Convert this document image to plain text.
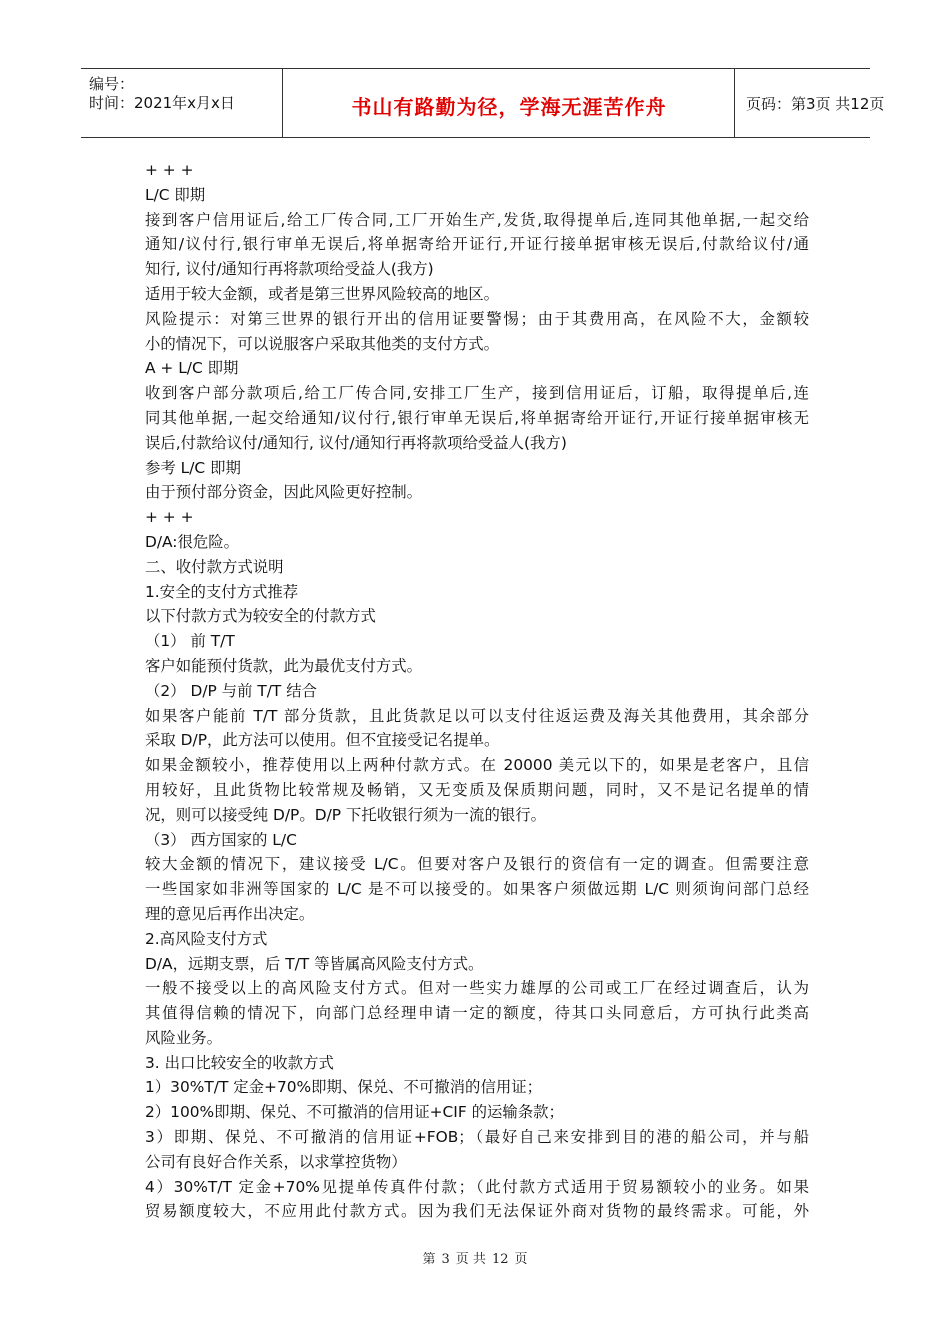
编号：
时间：2021年x月x日	书山有路勤为径，学海无涯苦作舟	页码：第3页 共12页
+ + +
L/C 即期
接到客户信用证后,给工厂传合同,工厂开始生产,发货,取得提单后,连同其他单据,一起交给
通知/议付行,银行审单无误后,将单据寄给开证行,开证行接单据审核无误后,付款给议付/通
知行, 议付/通知行再将款项给受益人(我方)
适用于较大金额，或者是第三世界风险较高的地区。
风险提示：对第三世界的银行开出的信用证要警惕；由于其费用高，在风险不大，金额较
小的情况下，可以说服客户采取其他类的支付方式。
A + L/C 即期
收到客户部分款项后,给工厂传合同,安排工厂生产，接到信用证后，订船，取得提单后,连
同其他单据,一起交给通知/议付行,银行审单无误后,将单据寄给开证行,开证行接单据审核无
误后,付款给议付/通知行, 议付/通知行再将款项给受益人(我方)
参考 L/C 即期
由于预付部分资金，因此风险更好控制。
+ + +
D/A:很危险。
二、收付款方式说明
1.安全的支付方式推荐
以下付款方式为较安全的付款方式
（1） 前 T/T
客户如能预付货款，此为最优支付方式。
（2） D/P 与前 T/T 结合
如果客户能前 T/T 部分货款，且此货款足以可以支付往返运费及海关其他费用，其余部分
采取 D/P，此方法可以使用。但不宜接受记名提单。
如果金额较小，推荐使用以上两种付款方式。在 20000 美元以下的，如果是老客户，且信
用较好，且此货物比较常规及畅销，又无变质及保质期问题，同时，又不是记名提单的情
况，则可以接受纯 D/P。D/P 下托收银行须为一流的银行。
（3） 西方国家的 L/C
较大金额的情况下，建议接受 L/C。但要对客户及银行的资信有一定的调查。但需要注意
一些国家如非洲等国家的 L/C 是不可以接受的。如果客户须做远期 L/C 则须询问部门总经
理的意见后再作出决定。
2.高风险支付方式
D/A，远期支票，后 T/T 等皆属高风险支付方式。
一般不接受以上的高风险支付方式。但对一些实力雄厚的公司或工厂在经过调查后，认为
其值得信赖的情况下，向部门总经理申请一定的额度，待其口头同意后，方可执行此类高
风险业务。
3. 出口比较安全的收款方式
1）30%T/T 定金+70%即期、保兑、不可撤消的信用证；
2）100%即期、保兑、不可撤消的信用证+CIF 的运输条款；
3）即期、保兑、不可撤消的信用证+FOB；（最好自己来安排到目的港的船公司，并与船
公司有良好合作关系，以求掌控货物）
4）30%T/T 定金+70%见提单传真件付款；（此付款方式适用于贸易额较小的业务。如果
贸易额度较大，不应用此付款方式。因为我们无法保证外商对货物的最终需求。可能，外
第 3 页 共 12 页
